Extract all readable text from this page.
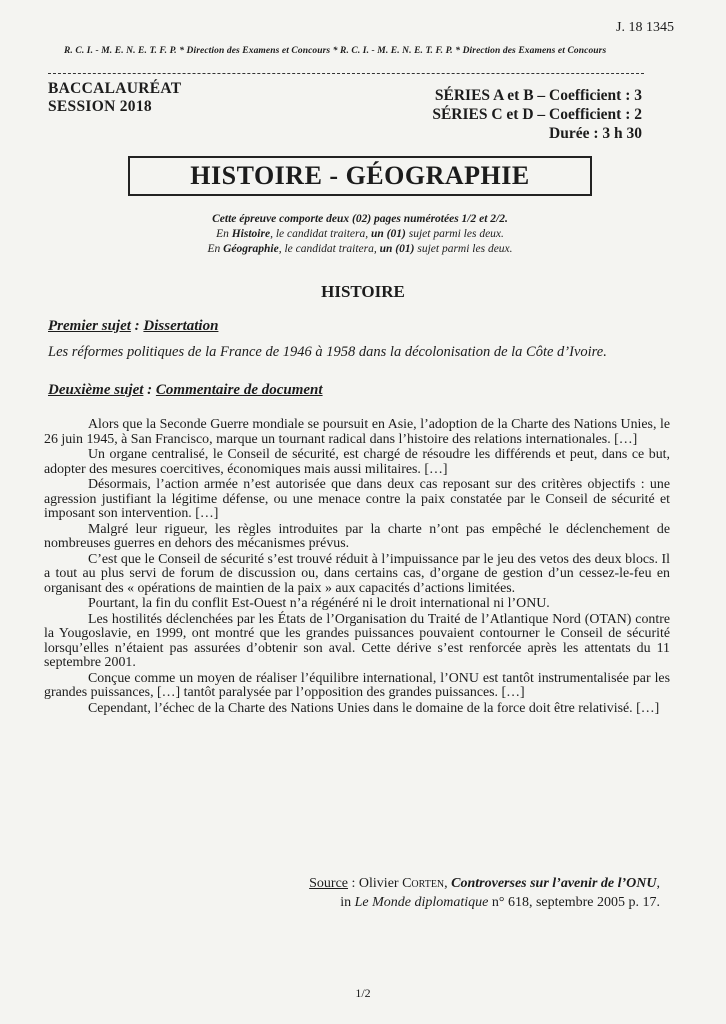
J. 18 1345
R. C. I. - M. E. N. E. T. F. P. * Direction des Examens et Concours * R. C. I. - M. E. N. E. T. F. P. * Direction des Examens et Concours
BACCALAURÉAT
SESSION 2018
SÉRIES A et B – Coefficient : 3
SÉRIES C et D – Coefficient : 2
Durée : 3 h 30
HISTOIRE - GÉOGRAPHIE
Cette épreuve comporte deux (02) pages numérotées 1/2 et 2/2.
En Histoire, le candidat traitera, un (01) sujet parmi les deux.
En Géographie, le candidat traitera, un (01) sujet parmi les deux.
HISTOIRE
Premier sujet : Dissertation
Les réformes politiques de la France de 1946 à 1958 dans la décolonisation de la Côte d’Ivoire.
Deuxième sujet : Commentaire de document

Alors que la Seconde Guerre mondiale se poursuit en Asie, l’adoption de la Charte des Nations Unies, le 26 juin 1945, à San Francisco, marque un tournant radical dans l’histoire des relations internationales. […]

Un organe centralisé, le Conseil de sécurité, est chargé de résoudre les différends et peut, dans ce but, adopter des mesures coercitives, économiques mais aussi militaires. […]

Désormais, l’action armée n’est autorisée que dans deux cas reposant sur des critères objectifs : une agression justifiant la légitime défense, ou une menace contre la paix constatée par le Conseil de sécurité et imposant son intervention. […]

Malgré leur rigueur, les règles introduites par la charte n’ont pas empêché le déclenchement de nombreuses guerres en dehors des mécanismes prévus.

C’est que le Conseil de sécurité s’est trouvé réduit à l’impuissance par le jeu des vetos des deux blocs. Il a tout au plus servi de forum de discussion ou, dans certains cas, d’organe de gestion d’un cessez-le-feu en organisant des « opérations de maintien de la paix » aux capacités d’actions limitées.

Pourtant, la fin du conflit Est-Ouest n’a régénéré ni le droit international ni l’ONU.

Les hostilités déclenchées par les États de l’Organisation du Traité de l’Atlantique Nord (OTAN) contre la Yougoslavie, en 1999, ont montré que les grandes puissances pouvaient contourner le Conseil de sécurité lorsqu’elles n’étaient pas assurées d’obtenir son aval. Cette dérive s’est renforcée après les attentats du 11 septembre 2001.

Conçue comme un moyen de réaliser l’équilibre international, l’ONU est tantôt instrumentalisée par les grandes puissances, […] tantôt paralysée par l’opposition des grandes puissances. […]

Cependant, l’échec de la Charte des Nations Unies dans le domaine de la force doit être relativisé. […]

Source : Olivier Corten, Controverses sur l’avenir de l’ONU,
in Le Monde diplomatique n° 618, septembre 2005 p. 17.
1/2
